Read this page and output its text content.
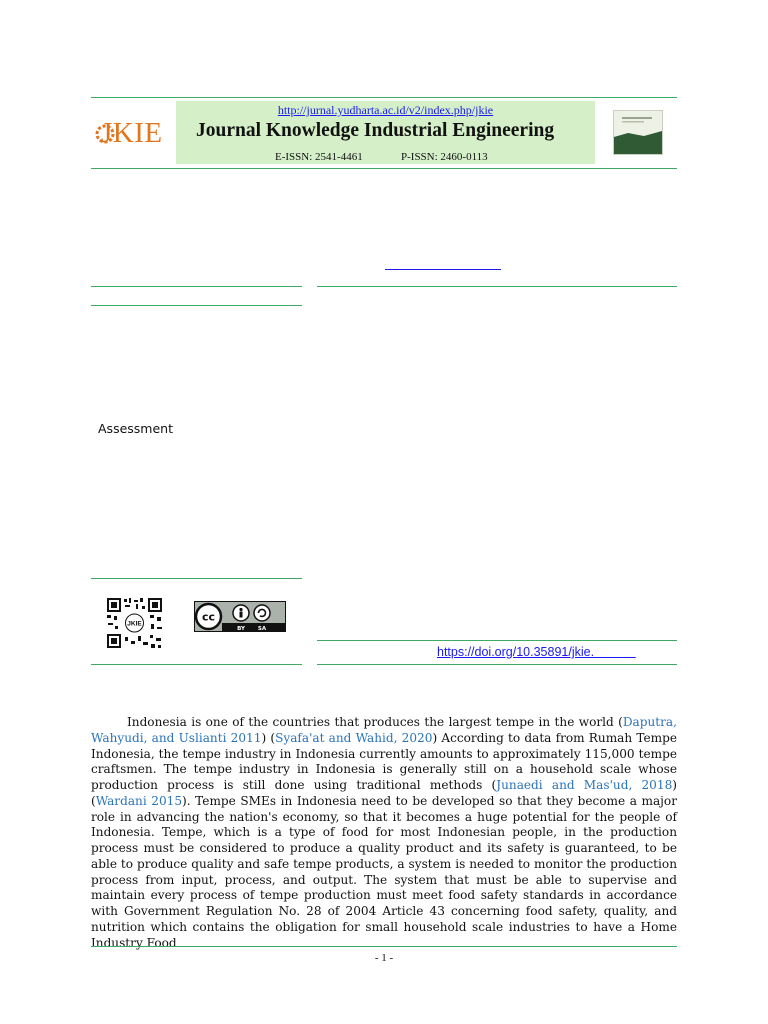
JKIE
http://jurnal.yudharta.ac.id/v2/index.php/jkie
Journal Knowledge Industrial Engineering
E-ISSN: 2541-4461	P-ISSN: 2460-0113
Assessment
JKIE
cc
BY SA
https://doi.org/10.35891/jkie.

Indonesia is one of the countries that produces the largest tempe in the world (Daputra, Wahyudi, and Uslianti 2011) (Syafa'at and Wahid, 2020) According to data from Rumah Tempe Indonesia, the tempe industry in Indonesia currently amounts to approximately 115,000 tempe craftsmen. The tempe industry in Indonesia is generally still on a household scale whose production process is still done using traditional methods (Junaedi and Mas'ud, 2018) (Wardani 2015). Tempe SMEs in Indonesia need to be developed so that they become a major role in advancing the nation's economy, so that it becomes a huge potential for the people of Indonesia. Tempe, which is a type of food for most Indonesian people, in the production process must be considered to produce a quality product and its safety is guaranteed, to be able to produce quality and safe tempe products, a system is needed to monitor the production process from input, process, and output. The system that must be able to supervise and maintain every process of tempe production must meet food safety standards in accordance with Government Regulation No. 28 of 2004 Article 43 concerning food safety, quality, and nutrition which contains the obligation for small household scale industries to have a Home Industry Food

- 1 -
